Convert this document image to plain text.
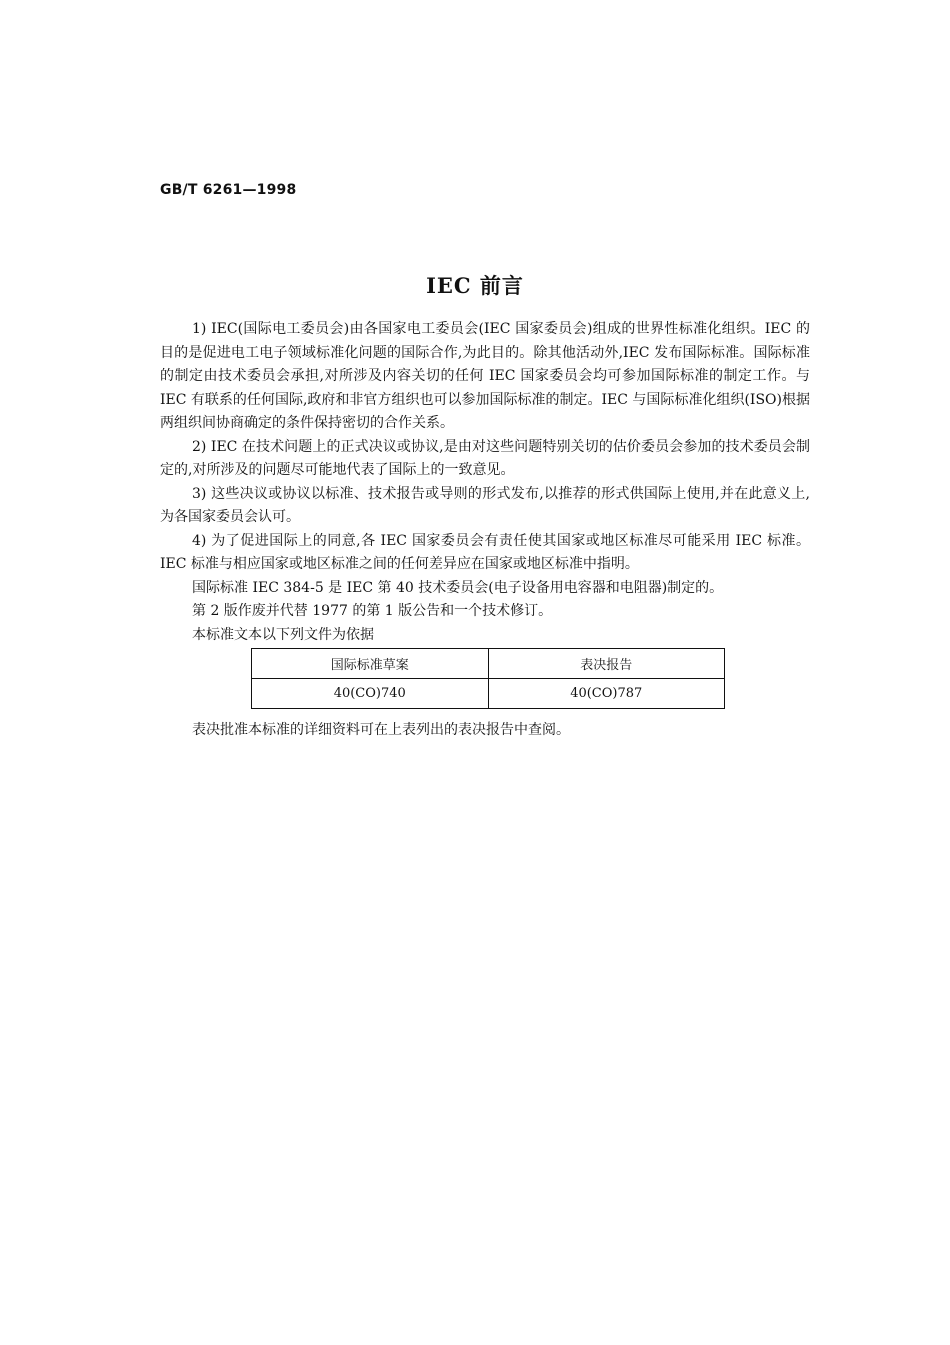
GB/T 6261—1998
IEC 前言

1) IEC(国际电工委员会)由各国家电工委员会(IEC 国家委员会)组成的世界性标准化组织。IEC 的目的是促进电工电子领域标准化问题的国际合作,为此目的。除其他活动外,IEC 发布国际标准。国际标准的制定由技术委员会承担,对所涉及内容关切的任何 IEC 国家委员会均可参加国际标准的制定工作。与 IEC 有联系的任何国际,政府和非官方组织也可以参加国际标准的制定。IEC 与国际标准化组织(ISO)根据两组织间协商确定的条件保持密切的合作关系。

2) IEC 在技术问题上的正式决议或协议,是由对这些问题特别关切的估价委员会参加的技术委员会制定的,对所涉及的问题尽可能地代表了国际上的一致意见。

3) 这些决议或协议以标准、技术报告或导则的形式发布,以推荐的形式供国际上使用,并在此意义上,为各国家委员会认可。

4) 为了促进国际上的同意,各 IEC 国家委员会有责任使其国家或地区标准尽可能采用 IEC 标准。IEC 标准与相应国家或地区标准之间的任何差异应在国家或地区标准中指明。

国际标准 IEC 384-5 是 IEC 第 40 技术委员会(电子设备用电容器和电阻器)制定的。

第 2 版作废并代替 1977 的第 1 版公告和一个技术修订。

本标准文本以下列文件为依据

国际标准草案	表决报告
40(CO)740	40(CO)787
表决批准本标准的详细资料可在上表列出的表决报告中查阅。
